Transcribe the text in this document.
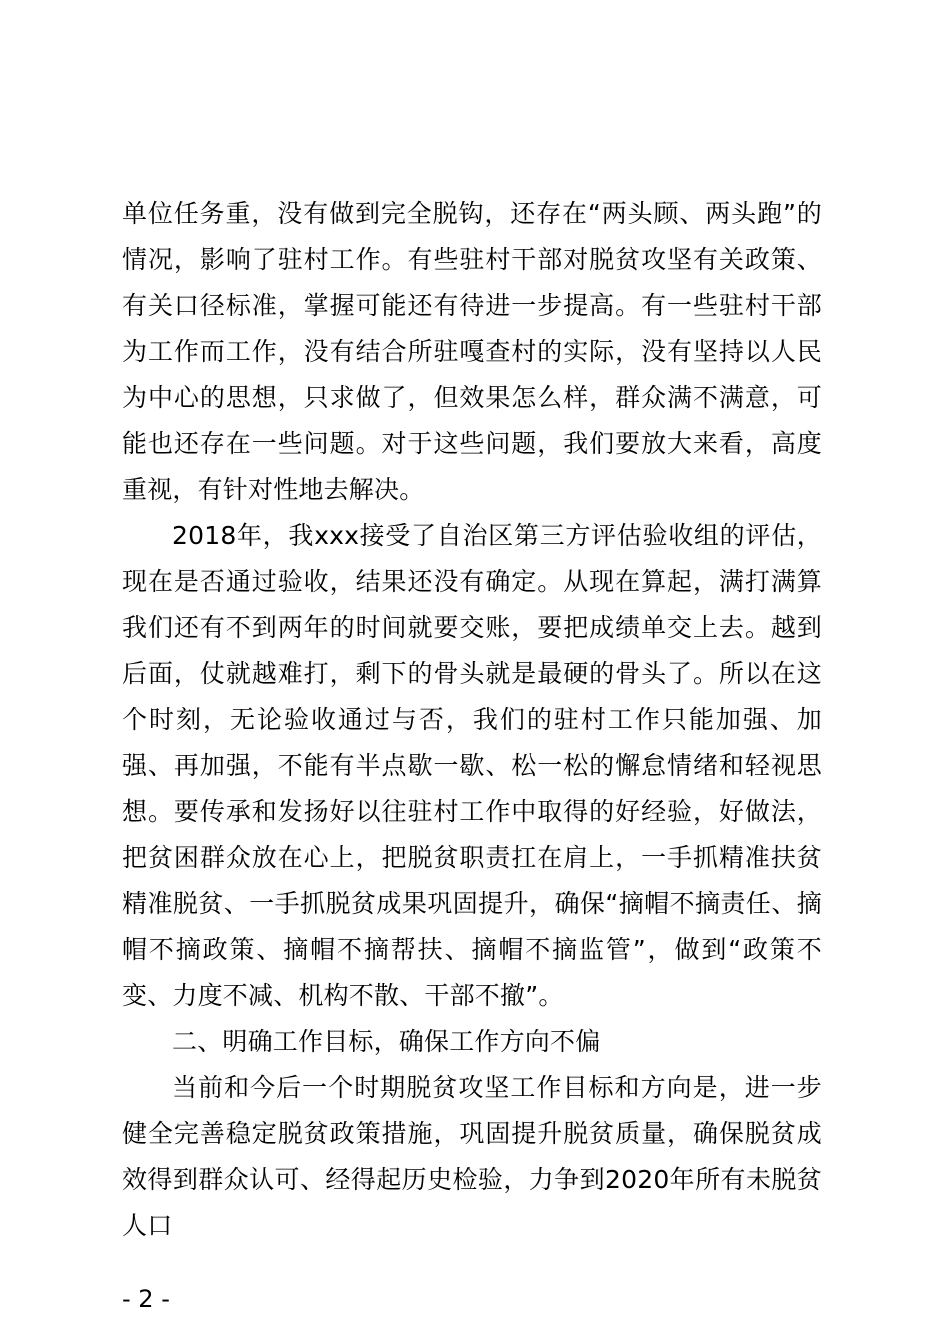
单位任务重，没有做到完全脱钩，还存在“两头顾、两头跑”的情况，影响了驻村工作。有些驻村干部对脱贫攻坚有关政策、有关口径标准，掌握可能还有待进一步提高。有一些驻村干部为工作而工作，没有结合所驻嘎查村的实际，没有坚持以人民为中心的思想，只求做了，但效果怎么样，群众满不满意，可能也还存在一些问题。对于这些问题，我们要放大来看，高度重视，有针对性地去解决。

2018年，我xxx接受了自治区第三方评估验收组的评估，现在是否通过验收，结果还没有确定。从现在算起，满打满算我们还有不到两年的时间就要交账，要把成绩单交上去。越到后面，仗就越难打，剩下的骨头就是最硬的骨头了。所以在这个时刻，无论验收通过与否，我们的驻村工作只能加强、加强、再加强，不能有半点歇一歇、松一松的懈怠情绪和轻视思想。要传承和发扬好以往驻村工作中取得的好经验，好做法，把贫困群众放在心上，把脱贫职责扛在肩上，一手抓精准扶贫精准脱贫、一手抓脱贫成果巩固提升，确保“摘帽不摘责任、摘帽不摘政策、摘帽不摘帮扶、摘帽不摘监管”，做到“政策不变、力度不减、机构不散、干部不撤”。

二、明确工作目标，确保工作方向不偏

当前和今后一个时期脱贫攻坚工作目标和方向是，进一步健全完善稳定脱贫政策措施，巩固提升脱贫质量，确保脱贫成效得到群众认可、经得起历史检验，力争到2020年所有未脱贫人口

- 2 -
